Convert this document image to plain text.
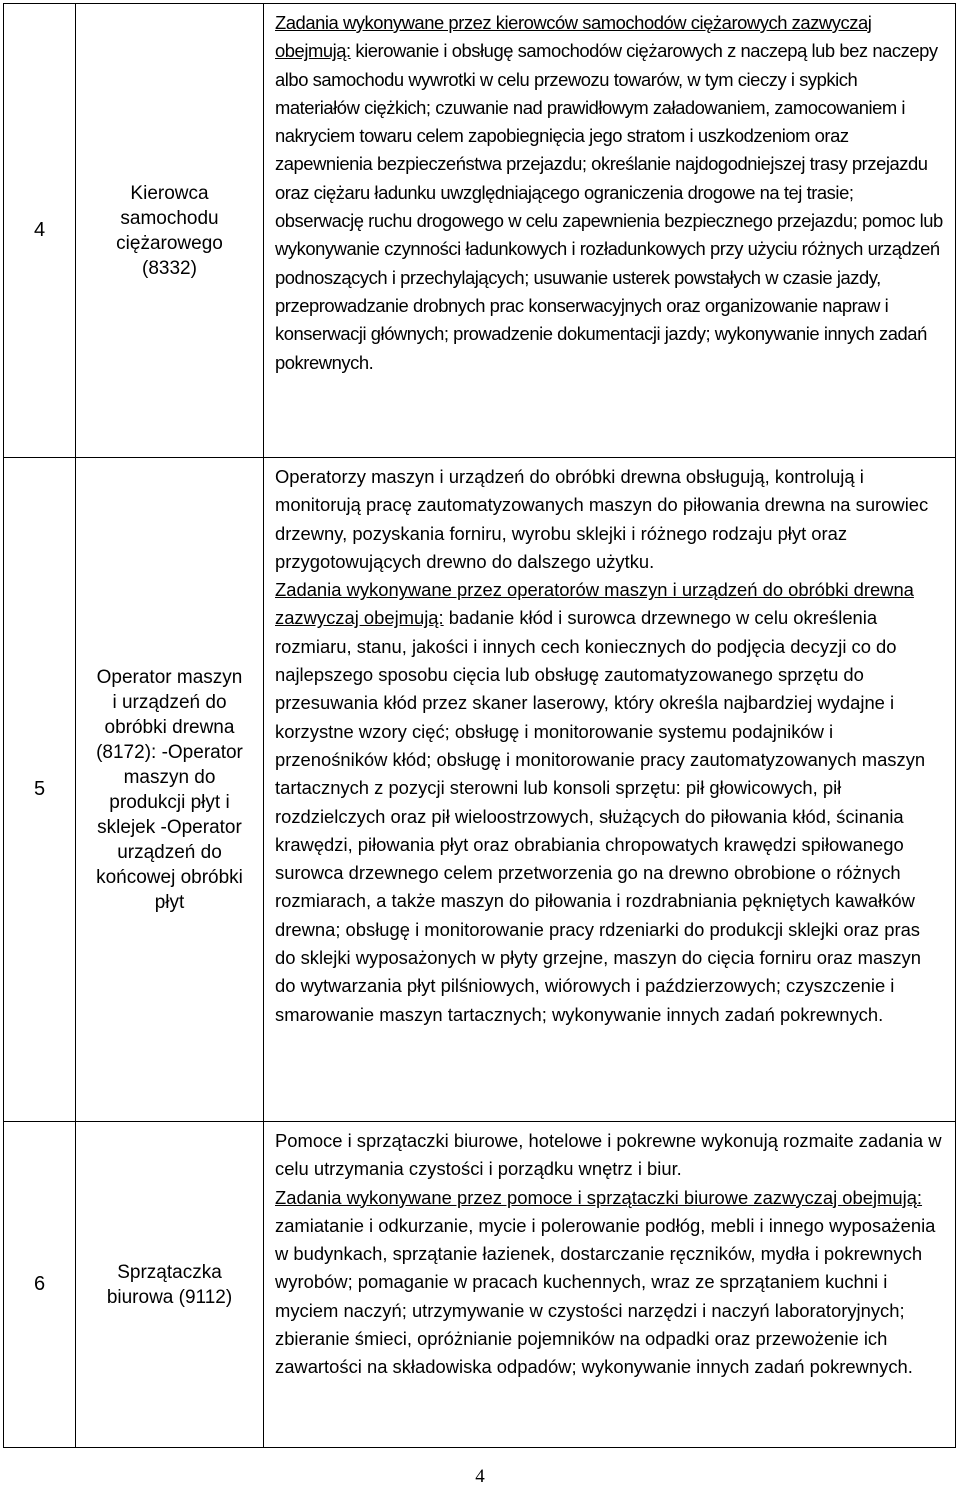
4	Kierowca samochodu ciężarowego (8332)	Zadania wykonywane przez kierowców samochodów ciężarowych zazwyczaj obejmują: kierowanie i obsługę samochodów ciężarowych z naczepą lub bez naczepy albo samochodu wywrotki w celu przewozu towarów, w tym cieczy i sypkich materiałów ciężkich; czuwanie nad prawidłowym załadowaniem, zamocowaniem i nakryciem towaru celem zapobiegnięcia jego stratom i uszkodzeniom oraz zapewnienia bezpieczeństwa przejazdu; określanie najdogodniejszej trasy przejazdu oraz ciężaru ładunku uwzględniającego ograniczenia drogowe na tej trasie; obserwację ruchu drogowego w celu zapewnienia bezpiecznego przejazdu; pomoc lub wykonywanie czynności ładunkowych i rozładunkowych przy użyciu różnych urządzeń podnoszących i przechylających; usuwanie usterek powstałych w czasie jazdy, przeprowadzanie drobnych prac konserwacyjnych oraz organizowanie napraw i konserwacji głównych; prowadzenie dokumentacji jazdy; wykonywanie innych zadań pokrewnych.

5	Operator maszyn i urządzeń do obróbki drewna (8172): -Operator maszyn do produkcji płyt i sklejek -Operator urządzeń do końcowej obróbki płyt	Operatorzy maszyn i urządzeń do obróbki drewna obsługują, kontrolują i monitorują pracę zautomatyzowanych maszyn do piłowania drewna na surowiec drzewny, pozyskania forniru, wyrobu sklejki i różnego rodzaju płyt oraz przygotowujących drewno do dalszego użytku.
Zadania wykonywane przez operatorów maszyn i urządzeń do obróbki drewna zazwyczaj obejmują: badanie kłód i surowca drzewnego w celu określenia rozmiaru, stanu, jakości i innych cech koniecznych do podjęcia decyzji co do najlepszego sposobu cięcia lub obsługę zautomatyzowanego sprzętu do przesuwania kłód przez skaner laserowy, który określa najbardziej wydajne i korzystne wzory cięć; obsługę i monitorowanie systemu podajników i przenośników kłód; obsługę i monitorowanie pracy zautomatyzowanych maszyn tartacznych z pozycji sterowni lub konsoli sprzętu: pił głowicowych, pił rozdzielczych oraz pił wieloostrzowych, służących do piłowania kłód, ścinania krawędzi, piłowania płyt oraz obrabiania chropowatych krawędzi spiłowanego surowca drzewnego celem przetworzenia go na drewno obrobione o różnych rozmiarach, a także maszyn do piłowania i rozdrabniania pękniętych kawałków drewna; obsługę i monitorowanie pracy rdzeniarki do produkcji sklejki oraz pras do sklejki wyposażonych w płyty grzejne, maszyn do cięcia forniru oraz maszyn do wytwarzania płyt pilśniowych, wiórowych i paździerzowych; czyszczenie i smarowanie maszyn tartacznych; wykonywanie innych zadań pokrewnych.
6	Sprzątaczka biurowa (9112)	Pomoce i sprzątaczki biurowe, hotelowe i pokrewne wykonują rozmaite zadania w celu utrzymania czystości i porządku wnętrz i biur.
Zadania wykonywane przez pomoce i sprzątaczki biurowe zazwyczaj obejmują: zamiatanie i odkurzanie, mycie i polerowanie podłóg, mebli i innego wyposażenia w budynkach, sprzątanie łazienek, dostarczanie ręczników, mydła i pokrewnych wyrobów; pomaganie w pracach kuchennych, wraz ze sprzątaniem kuchni i myciem naczyń; utrzymywanie w czystości narzędzi i naczyń laboratoryjnych; zbieranie śmieci, opróżnianie pojemników na odpadki oraz przewożenie ich zawartości na składowiska odpadów; wykonywanie innych zadań pokrewnych.
4
